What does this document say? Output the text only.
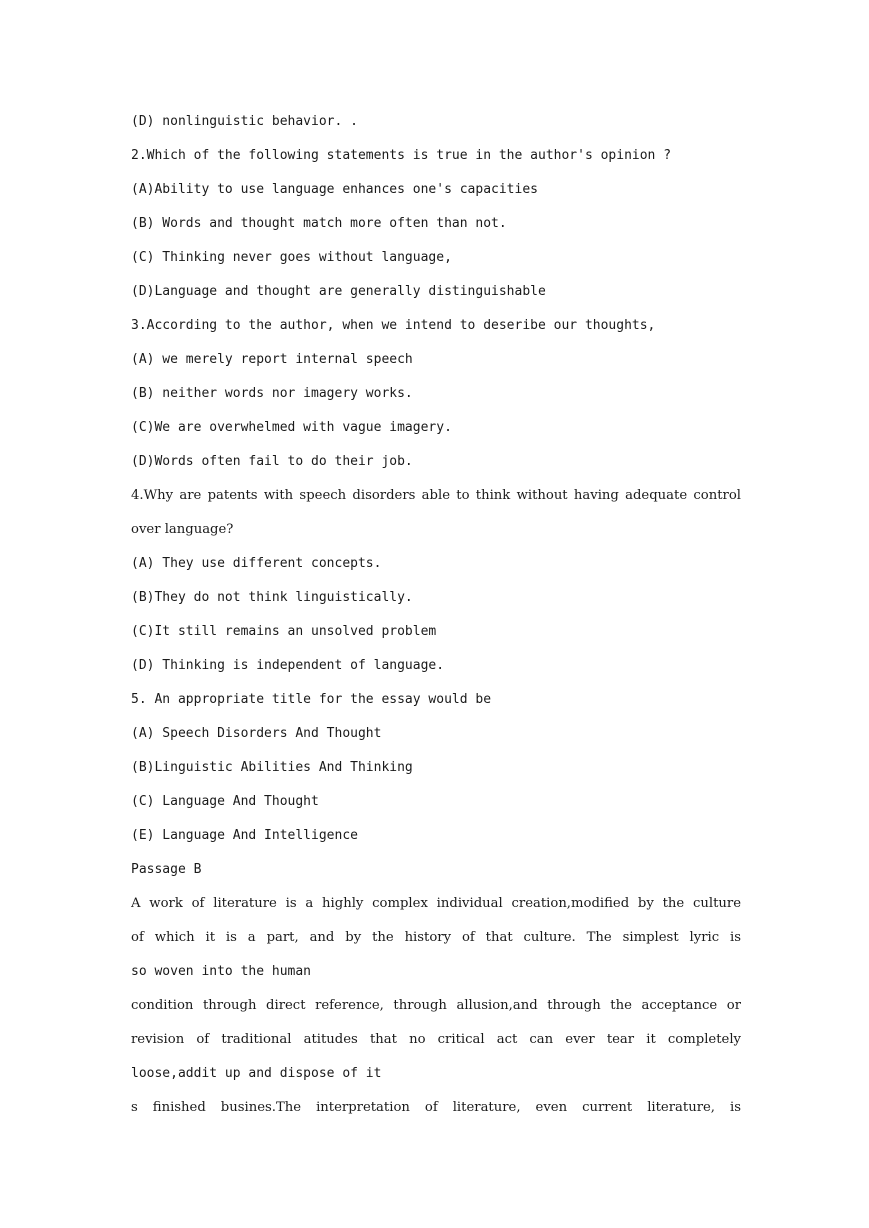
(D) nonlinguistic behavior. .
2.Which of the following statements is true in the author's opinion ?
(A)Ability to use language enhances one's capacities
(B) Words and thought match more often than not.
(C) Thinking never goes without language,
(D)Language and thought are generally distinguishable
3.According to the author, when we intend to deseribe our thoughts,
(A) we merely report internal speech
(B) neither words nor imagery works.
(C)We are overwhelmed with vague imagery.
(D)Words often fail to do their job.
4.Why are patents with speech disorders able to think without having adequate control
over language?
(A) They use different concepts.
(B)They do not think linguistically.
(C)It still remains an unsolved problem
(D) Thinking is independent of language.
5. An appropriate title for the essay would be
(A) Speech Disorders And Thought
(B)Linguistic Abilities And Thinking
(C) Language And Thought
(E) Language And Intelligence
Passage B
A work of literature is a highly complex individual creation,modified by the culture
of which it is a part, and by the history of that culture. The simplest lyric is
so woven into the human
condition through direct reference, through allusion,and through the acceptance or
revision of traditional atitudes that no critical act can ever tear it completely
loose,addit up and dispose of it
s finished busines.The interpretation of literature, even current literature, is
